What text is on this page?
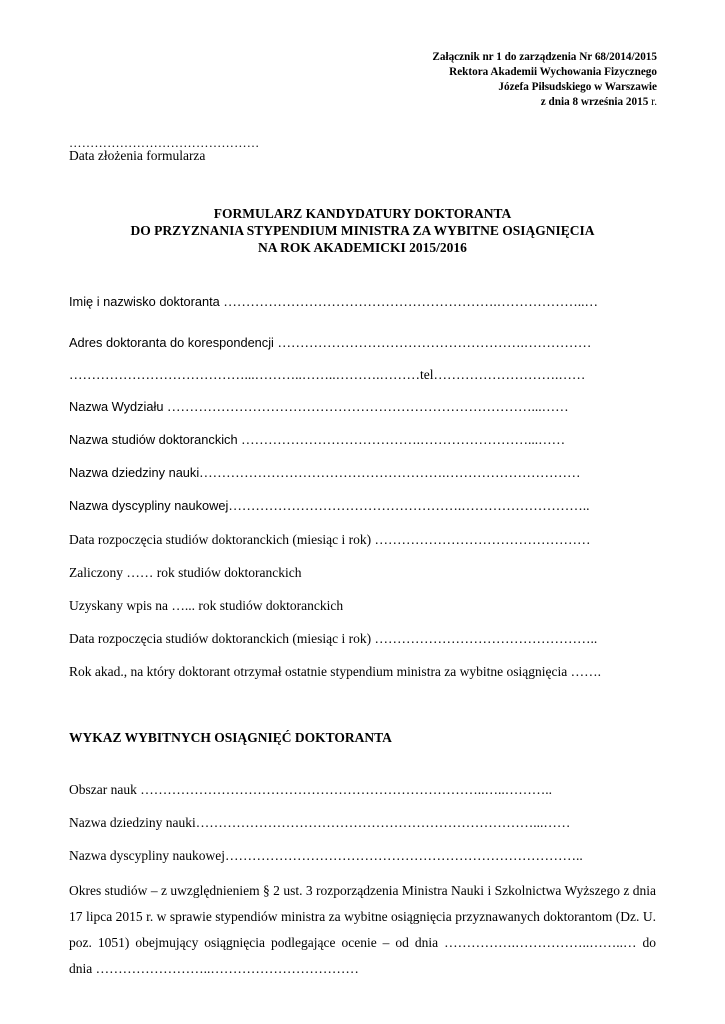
Załącznik nr 1 do zarządzenia Nr 68/2014/2015
Rektora Akademii Wychowania Fizycznego
Józefa Piłsudskiego w Warszawie
z dnia 8 września 2015 r.
………………………………………
Data złożenia formularza
FORMULARZ KANDYDATURY DOKTORANTA
DO PRZYZNANIA STYPENDIUM MINISTRA ZA WYBITNE OSIĄGNIĘCIA
NA ROK AKADEMICKI 2015/2016
Imię i nazwisko doktoranta …………………………………………………….………………..…
Adres doktoranta do korespondencji ……………………………………………….……………
…………………………………...………..……..……….………tel……………………….……
Nazwa Wydziału ………………………………………………………………………...……
Nazwa studiów doktoranckich ………………………………….……………………...……
Nazwa dziedziny nauki……………………………………………….…………………………
Nazwa dyscypliny naukowej…………………………………………….………………………..
Data rozpoczęcia studiów doktoranckich (miesiąc i rok) …………………………………………
Zaliczony …… rok studiów doktoranckich
Uzyskany wpis na …... rok studiów doktoranckich
Data rozpoczęcia studiów doktoranckich (miesiąc i rok) …………………………………………..
Rok akad., na który doktorant otrzymał ostatnie stypendium ministra za wybitne osiągnięcia …….
WYKAZ WYBITNYCH OSIĄGNIĘĆ DOKTORANTA
Obszar nauk …………………………………………………………………..…..………..
Nazwa dziedziny nauki…………………………………………………………………...……
Nazwa dyscypliny naukowej……………………………………………………………………..
Okres studiów – z uwzględnieniem § 2 ust. 3 rozporządzenia Ministra Nauki i Szkolnictwa Wyższego z dnia 17 lipca 2015 r. w sprawie stypendiów ministra za wybitne osiągnięcia przyznawanych doktorantom (Dz. U. poz. 1051) obejmujący osiągnięcia podlegające ocenie – od dnia …………….……………..……..… do dnia ……………………..……………………………
